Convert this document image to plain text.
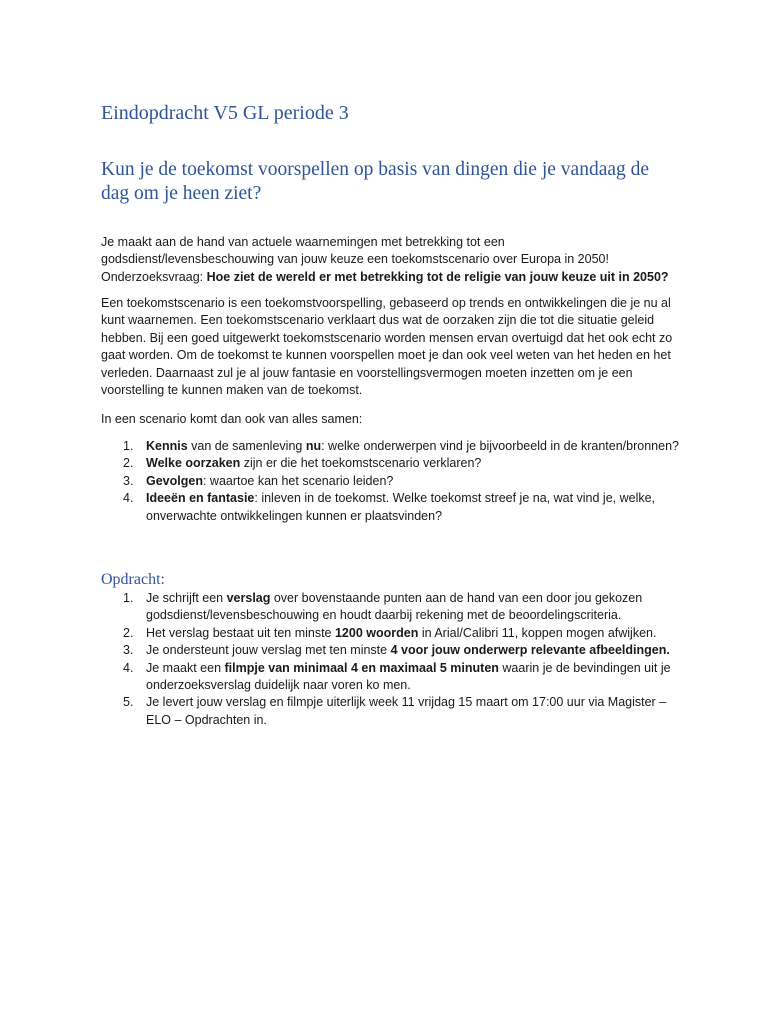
Eindopdracht V5 GL periode 3
Kun je de toekomst voorspellen op basis van dingen die je vandaag de dag om je heen ziet?

Je maakt aan de hand van actuele waarnemingen met betrekking tot een godsdienst/levensbeschouwing van jouw keuze een toekomstscenario over Europa in 2050! Onderzoeksvraag: Hoe ziet de wereld er met betrekking tot de religie van jouw keuze uit in 2050?

Een toekomstscenario is een toekomstvoorspelling, gebaseerd op trends en ontwikkelingen die je nu al kunt waarnemen. Een toekomstscenario verklaart dus wat de oorzaken zijn die tot die situatie geleid hebben. Bij een goed uitgewerkt toekomstscenario worden mensen ervan overtuigd dat het ook echt zo gaat worden. Om de toekomst te kunnen voorspellen moet je dan ook veel weten van het heden en het verleden. Daarnaast zul je al jouw fantasie en voorstellingsvermogen moeten inzetten om je een voorstelling te kunnen maken van de toekomst.

In een scenario komt dan ook van alles samen:

1. Kennis van de samenleving nu: welke onderwerpen vind je bijvoorbeeld in de kranten/bronnen?
2. Welke oorzaken zijn er die het toekomstscenario verklaren?
3. Gevolgen: waartoe kan het scenario leiden?
4. Ideeën en fantasie: inleven in de toekomst. Welke toekomst streef je na, wat vind je, welke, onverwachte ontwikkelingen kunnen er plaatsvinden?
Opdracht:
1. Je schrijft een verslag over bovenstaande punten aan de hand van een door jou gekozen godsdienst/levensbeschouwing en houdt daarbij rekening met de beoordelingscriteria.
2. Het verslag bestaat uit ten minste 1200 woorden in Arial/Calibri 11, koppen mogen afwijken.
3. Je ondersteunt jouw verslag met ten minste 4 voor jouw onderwerp relevante afbeeldingen.
4. Je maakt een filmpje van minimaal 4 en maximaal 5 minuten waarin je de bevindingen uit je onderzoeksverslag duidelijk naar voren ko men.
5. Je levert jouw verslag en filmpje uiterlijk week 11 vrijdag 15 maart om 17:00 uur via Magister – ELO – Opdrachten in.
